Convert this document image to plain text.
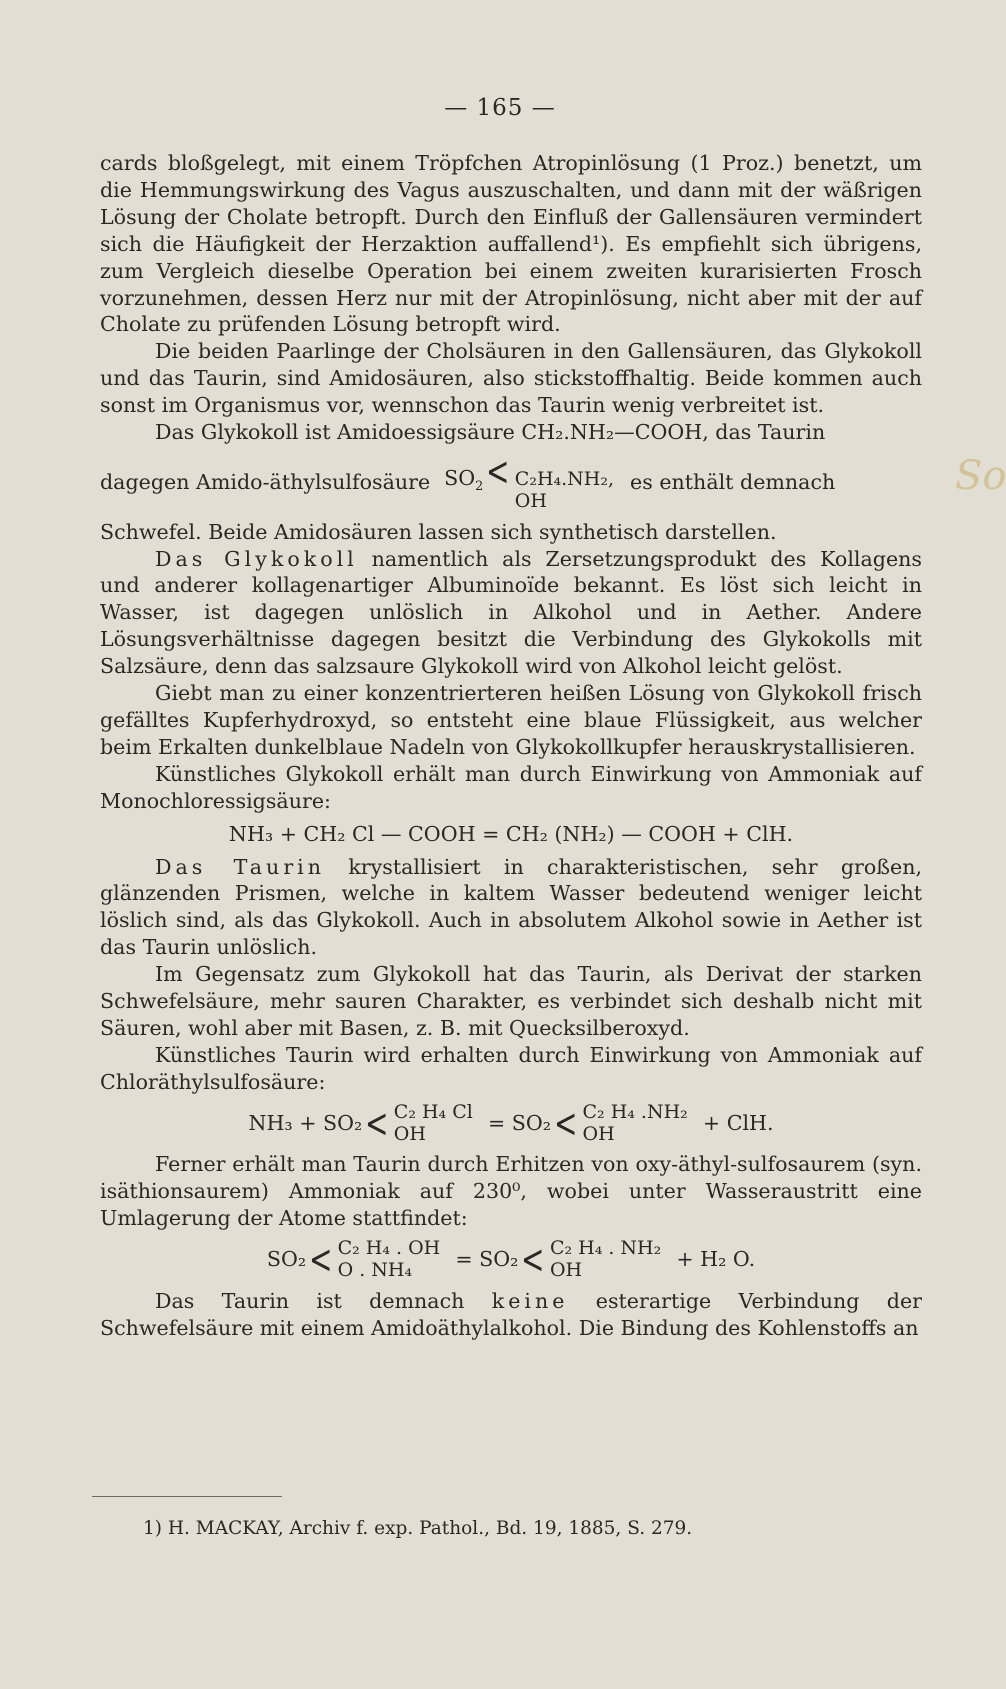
— 165 —
So

cards bloßgelegt, mit einem Tröpfchen Atropinlösung (1 Proz.) benetzt, um die Hemmungswirkung des Vagus auszuschalten, und dann mit der wäßrigen Lösung der Cholate betropft. Durch den Einfluß der Gallensäuren vermindert sich die Häufigkeit der Herzaktion auffallend¹). Es empfiehlt sich übrigens, zum Vergleich dieselbe Operation bei einem zweiten kurarisierten Frosch vorzunehmen, dessen Herz nur mit der Atropinlösung, nicht aber mit der auf Cholate zu prüfenden Lösung betropft wird.

Die beiden Paarlinge der Cholsäuren in den Gallensäuren, das Glykokoll und das Taurin, sind Amidosäuren, also stickstoffhaltig. Beide kommen auch sonst im Organismus vor, wennschon das Taurin wenig verbreitet ist.

Das Glykokoll ist Amidoessigsäure CH₂.NH₂—COOH, das Taurin

dagegen Amido-äthylsulfosäure $SO_2< C_2H_4.NH_2$,
OH
es enthält demnach

Schwefel. Beide Amidosäuren lassen sich synthetisch darstellen.

Das Glykokoll namentlich als Zersetzungsprodukt des Kollagens und anderer kollagenartiger Albuminoïde bekannt. Es löst sich leicht in Wasser, ist dagegen unlöslich in Alkohol und in Aether. Andere Lösungsverhältnisse dagegen besitzt die Verbindung des Glykokolls mit Salzsäure, denn das salzsaure Glykokoll wird von Alkohol leicht gelöst.

Giebt man zu einer konzentrierteren heißen Lösung von Glykokoll frisch gefälltes Kupferhydroxyd, so entsteht eine blaue Flüssigkeit, aus welcher beim Erkalten dunkelblaue Nadeln von Glykokollkupfer herauskrystallisieren.

Künstliches Glykokoll erhält man durch Einwirkung von Ammoniak auf Monochloressigsäure:

NH₃ + CH₂ Cl — COOH = CH₂ (NH₂) — COOH + ClH.

Das Taurin krystallisiert in charakteristischen, sehr großen, glänzenden Prismen, welche in kaltem Wasser bedeutend weniger leicht löslich sind, als das Glykokoll. Auch in absolutem Alkohol sowie in Aether ist das Taurin unlöslich.

Im Gegensatz zum Glykokoll hat das Taurin, als Derivat der starken Schwefelsäure, mehr sauren Charakter, es verbindet sich deshalb nicht mit Säuren, wohl aber mit Basen, z. B. mit Quecksilberoxyd.

Künstliches Taurin wird erhalten durch Einwirkung von Ammoniak auf Chloräthylsulfosäure:

NH₃ + SO₂ < C₂ H₄ Cl
OH
	= SO₂ < C₂ H₄ .NH₂
OH
	+ ClH.

Ferner erhält man Taurin durch Erhitzen von oxy-äthyl-sulfosaurem (syn. isäthionsaurem) Ammoniak auf 230⁰, wobei unter Wasseraustritt eine Umlagerung der Atome stattfindet:

SO₂ < C₂ H₄ . OH
O . NH₄
	= SO₂ < C₂ H₄ . NH₂
OH
	+ H₂ O.

Das Taurin ist demnach keine esterartige Verbindung der Schwefelsäure mit einem Amidoäthylalkohol. Die Bindung des Kohlenstoffs an

1) H. MACKAY, Archiv f. exp. Pathol., Bd. 19, 1885, S. 279.
